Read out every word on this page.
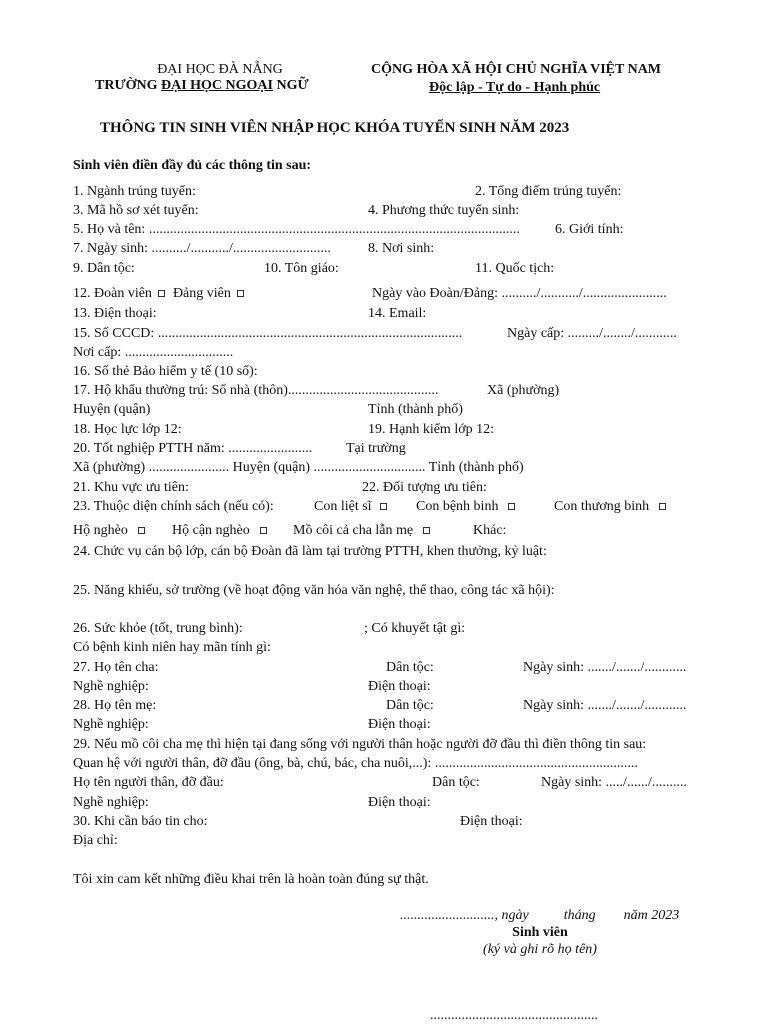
ĐẠI HỌC ĐÀ NẴNG
TRƯỜNG ĐẠI HỌC NGOẠI NGỮ
CỘNG HÒA XÃ HỘI CHỦ NGHĨA VIỆT NAM
Độc lập - Tự do - Hạnh phúc
THÔNG TIN SINH VIÊN NHẬP HỌC KHÓA TUYỂN SINH NĂM 2023
Sinh viên điền đầy đủ các thông tin sau:
1. Ngành trúng tuyển:	2. Tổng điểm trúng tuyển:
3. Mã hồ sơ xét tuyển:	4. Phương thức tuyển sinh:
5. Họ và tên: ..........................................................................................................	6. Giới tính:
7. Ngày sinh: ........../.........../............................	8. Nơi sinh:
9. Dân tộc:	10. Tôn giáo:	11. Quốc tịch:
12. Đoàn viên Đảng viên	Ngày vào Đoàn/Đảng: ........../.........../........................
13. Điện thoại:	14. Email:
15. Số CCCD: .......................................................................................	Ngày cấp: ........./......../............
Nơi cấp: ...............................
16. Số thẻ Bảo hiểm y tế (10 số):
17. Hộ khẩu thường trú: Số nhà (thôn)...........................................	Xã (phường)
Huyện (quận)	Tỉnh (thành phố)
18. Học lực lớp 12:	19. Hạnh kiểm lớp 12:
20. Tốt nghiệp PTTH năm: ........................ Tại trường
Xã (phường) ....................... Huyện (quận) ................................ Tỉnh (thành phố)
21. Khu vực ưu tiên:	22. Đối tượng ưu tiên:
23. Thuộc diện chính sách (nếu có):	Con liệt sĩ	Con bệnh binh	Con thương binh
Hộ nghèo	Hộ cận nghèo	Mồ côi cả cha lẫn mẹ	Khác:
24. Chức vụ cán bộ lớp, cán bộ Đoàn đã làm tại trường PTTH, khen thưởng, kỷ luật:
25. Năng khiếu, sở trường (về hoạt động văn hóa văn nghệ, thể thao, công tác xã hội):
26. Sức khỏe (tốt, trung bình):	; Có khuyết tật gì:
Có bệnh kinh niên hay mãn tính gì:
27. Họ tên cha:	Dân tộc:	Ngày sinh: ......./......./............
Nghề nghiệp:	Điện thoại:
28. Họ tên mẹ:	Dân tộc:	Ngày sinh: ......./......./............
Nghề nghiệp:	Điện thoại:
29. Nếu mồ côi cha mẹ thì hiện tại đang sống với người thân hoặc người đỡ đầu thì điền thông tin sau:
Quan hệ với người thân, đỡ đầu (ông, bà, chú, bác, cha nuôi,...): ..........................................................
Họ tên người thân, đỡ đầu:	Dân tộc:	Ngày sinh: ...../....../..........
Nghề nghiệp:	Điện thoại:
30. Khi cần báo tin cho:	Điện thoại:
Địa chỉ:
Tôi xin cam kết những điều khai trên là hoàn toàn đúng sự thật.
..........................., ngày          tháng        năm 2023
Sinh viên
(ký và ghi rõ họ tên)
................................................
